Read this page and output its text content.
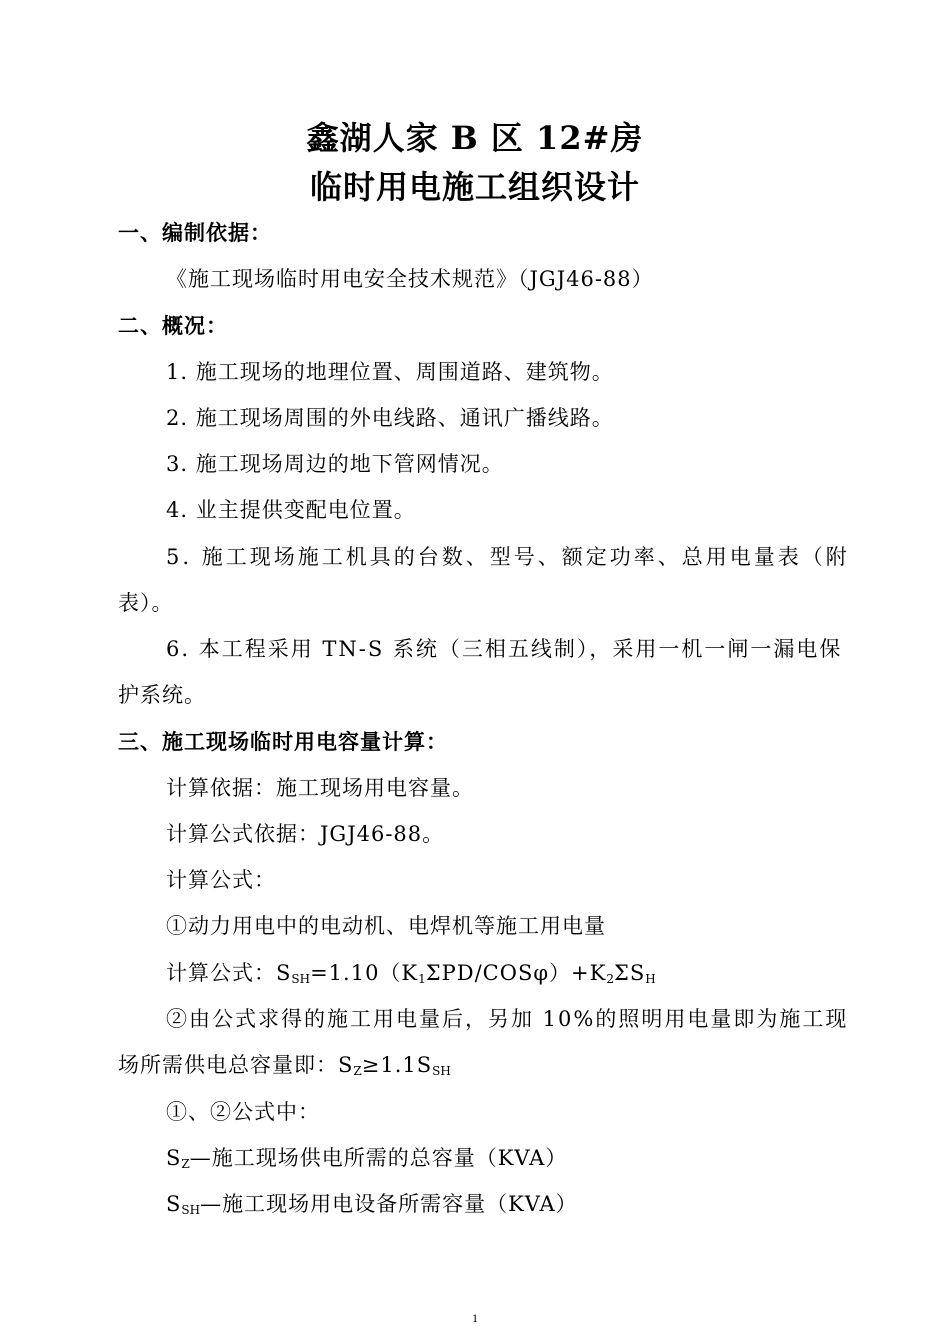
鑫湖人家 B 区 12#房
临时用电施工组织设计

一、编制依据：

《施工现场临时用电安全技术规范》（JGJ46-88）

二、概况：

1. 施工现场的地理位置、周围道路、建筑物。

2. 施工现场周围的外电线路、通讯广播线路。

3. 施工现场周边的地下管网情况。

4. 业主提供变配电位置。

5. 施工现场施工机具的台数、型号、额定功率、总用电量表（附

表）。

6. 本工程采用 TN-S 系统（三相五线制），采用一机一闸一漏电保

护系统。

三、施工现场临时用电容量计算：

计算依据：施工现场用电容量。

计算公式依据：JGJ46-88。

计算公式：

①动力用电中的电动机、电焊机等施工用电量

计算公式：$S_{SH}=1.10(K_1\Sigma PD/COS\varphi)+K_2\Sigma S_H$

②由公式求得的施工用电量后，另加 10%的照明用电量即为施工现

场所需供电总容量即：$S_Z\ge 1.1S_{SH}$

①、②公式中：

$S_Z—$施工现场供电所需的总容量（KVA）

$S_{SH}—$施工现场用电设备所需容量（KVA）

1
